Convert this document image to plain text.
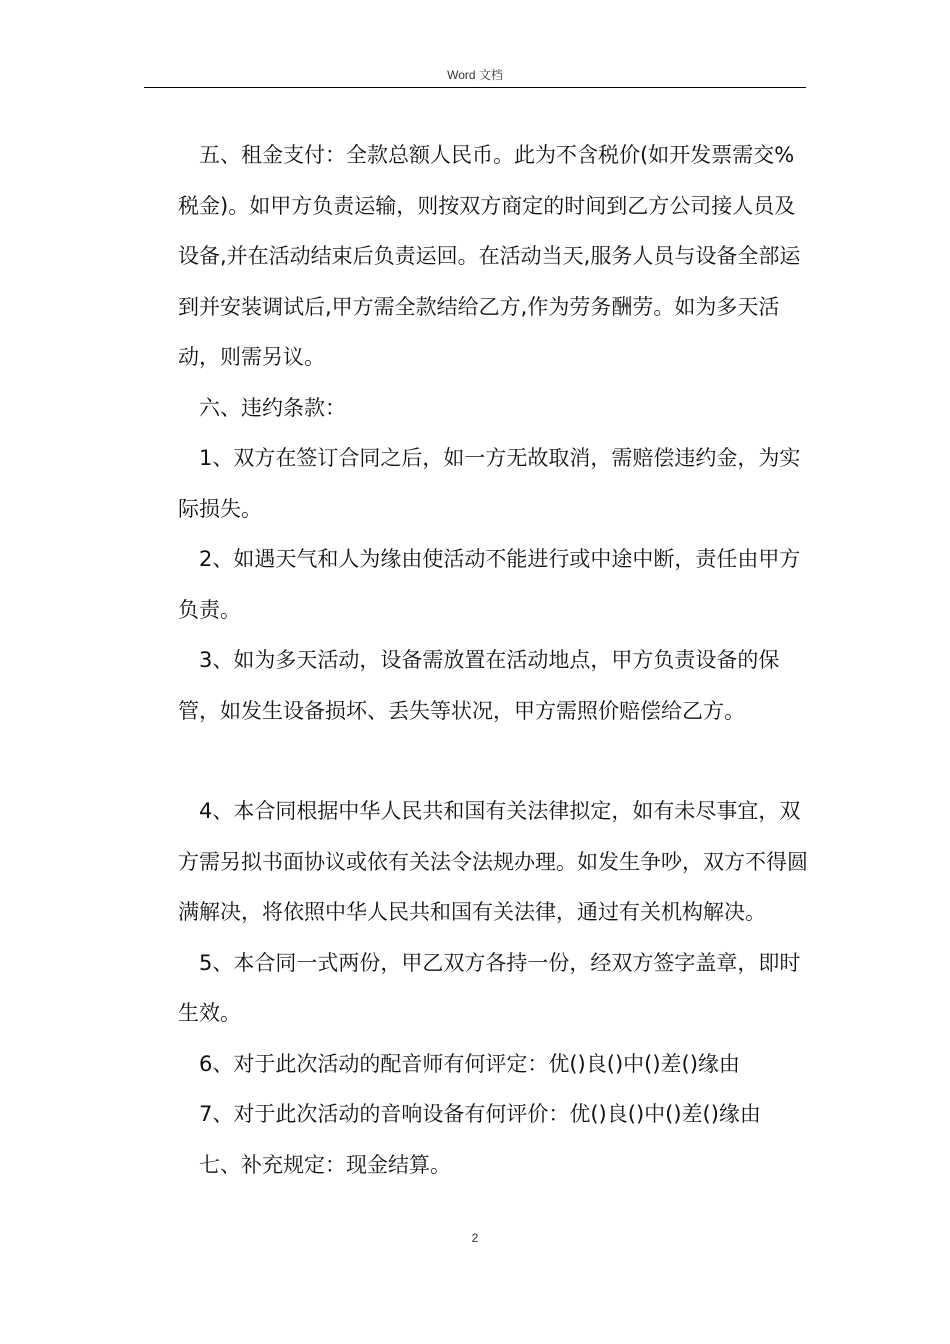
Word 文档

五、租金支付：全款总额人民币。此为不含税价(如开发票需交%税金)。如甲方负责运输，则按双方商定的时间到乙方公司接人员及设备,并在活动结束后负责运回。在活动当天,服务人员与设备全部运到并安装调试后,甲方需全款结给乙方,作为劳务酬劳。如为多天活动，则需另议。

六、违约条款：

1、双方在签订合同之后，如一方无故取消，需赔偿违约金，为实际损失。

2、如遇天气和人为缘由使活动不能进行或中途中断，责任由甲方负责。

3、如为多天活动，设备需放置在活动地点，甲方负责设备的保管，如发生设备损坏、丢失等状况，甲方需照价赔偿给乙方。

4、本合同根据中华人民共和国有关法律拟定，如有未尽事宜，双方需另拟书面协议或依有关法令法规办理。如发生争吵，双方不得圆满解决，将依照中华人民共和国有关法律，通过有关机构解决。

5、本合同一式两份，甲乙双方各持一份，经双方签字盖章，即时生效。

6、对于此次活动的配音师有何评定：优()良()中()差()缘由

7、对于此次活动的音响设备有何评价：优()良()中()差()缘由

七、补充规定：现金结算。

2
